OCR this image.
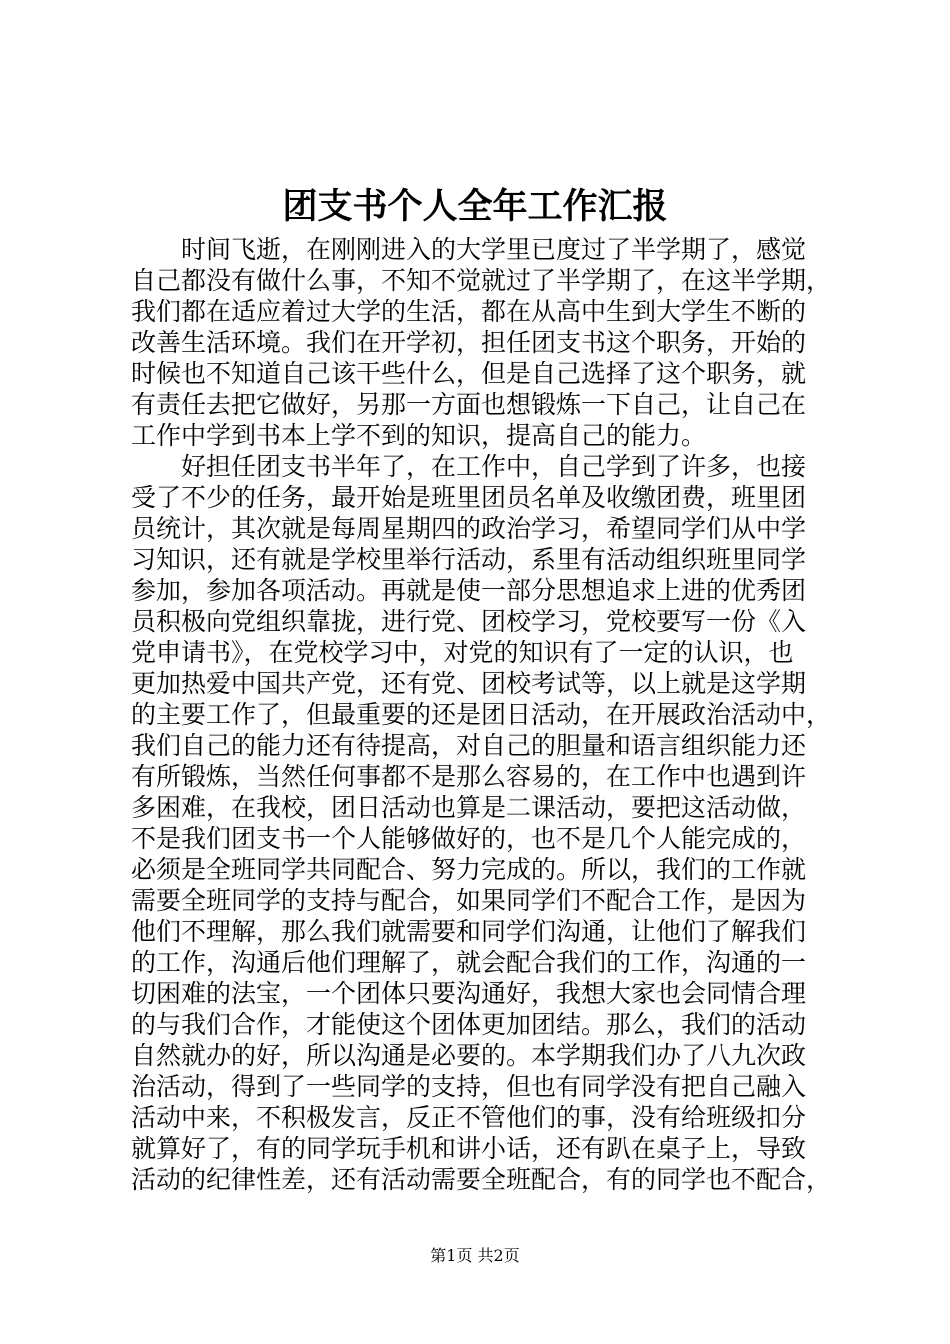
团支书个人全年工作汇报
时间飞逝，在刚刚进入的大学里已度过了半学期了，感觉
自己都没有做什么事，不知不觉就过了半学期了，在这半学期，
我们都在适应着过大学的生活，都在从高中生到大学生不断的
改善生活环境。我们在开学初，担任团支书这个职务，开始的
时候也不知道自己该干些什么，但是自己选择了这个职务，就
有责任去把它做好，另那一方面也想锻炼一下自己，让自己在
工作中学到书本上学不到的知识，提高自己的能力。
好担任团支书半年了，在工作中，自己学到了许多，也接
受了不少的任务，最开始是班里团员名单及收缴团费，班里团
员统计，其次就是每周星期四的政治学习，希望同学们从中学
习知识，还有就是学校里举行活动，系里有活动组织班里同学
参加，参加各项活动。再就是使一部分思想追求上进的优秀团
员积极向党组织靠拢，进行党、团校学习，党校要写一份《入
党申请书》，在党校学习中，对党的知识有了一定的认识，也
更加热爱中国共产党，还有党、团校考试等，以上就是这学期
的主要工作了，但最重要的还是团日活动，在开展政治活动中，
我们自己的能力还有待提高，对自己的胆量和语言组织能力还
有所锻炼，当然任何事都不是那么容易的，在工作中也遇到许
多困难，在我校，团日活动也算是二课活动，要把这活动做，
不是我们团支书一个人能够做好的，也不是几个人能完成的，
必须是全班同学共同配合、努力完成的。所以，我们的工作就
需要全班同学的支持与配合，如果同学们不配合工作，是因为
他们不理解，那么我们就需要和同学们沟通，让他们了解我们
的工作，沟通后他们理解了，就会配合我们的工作，沟通的一
切困难的法宝，一个团体只要沟通好，我想大家也会同情合理
的与我们合作，才能使这个团体更加团结。那么，我们的活动
自然就办的好，所以沟通是必要的。本学期我们办了八九次政
治活动，得到了一些同学的支持，但也有同学没有把自己融入
活动中来，不积极发言，反正不管他们的事，没有给班级扣分
就算好了，有的同学玩手机和讲小话，还有趴在桌子上，导致
活动的纪律性差，还有活动需要全班配合，有的同学也不配合，
第1页 共2页
